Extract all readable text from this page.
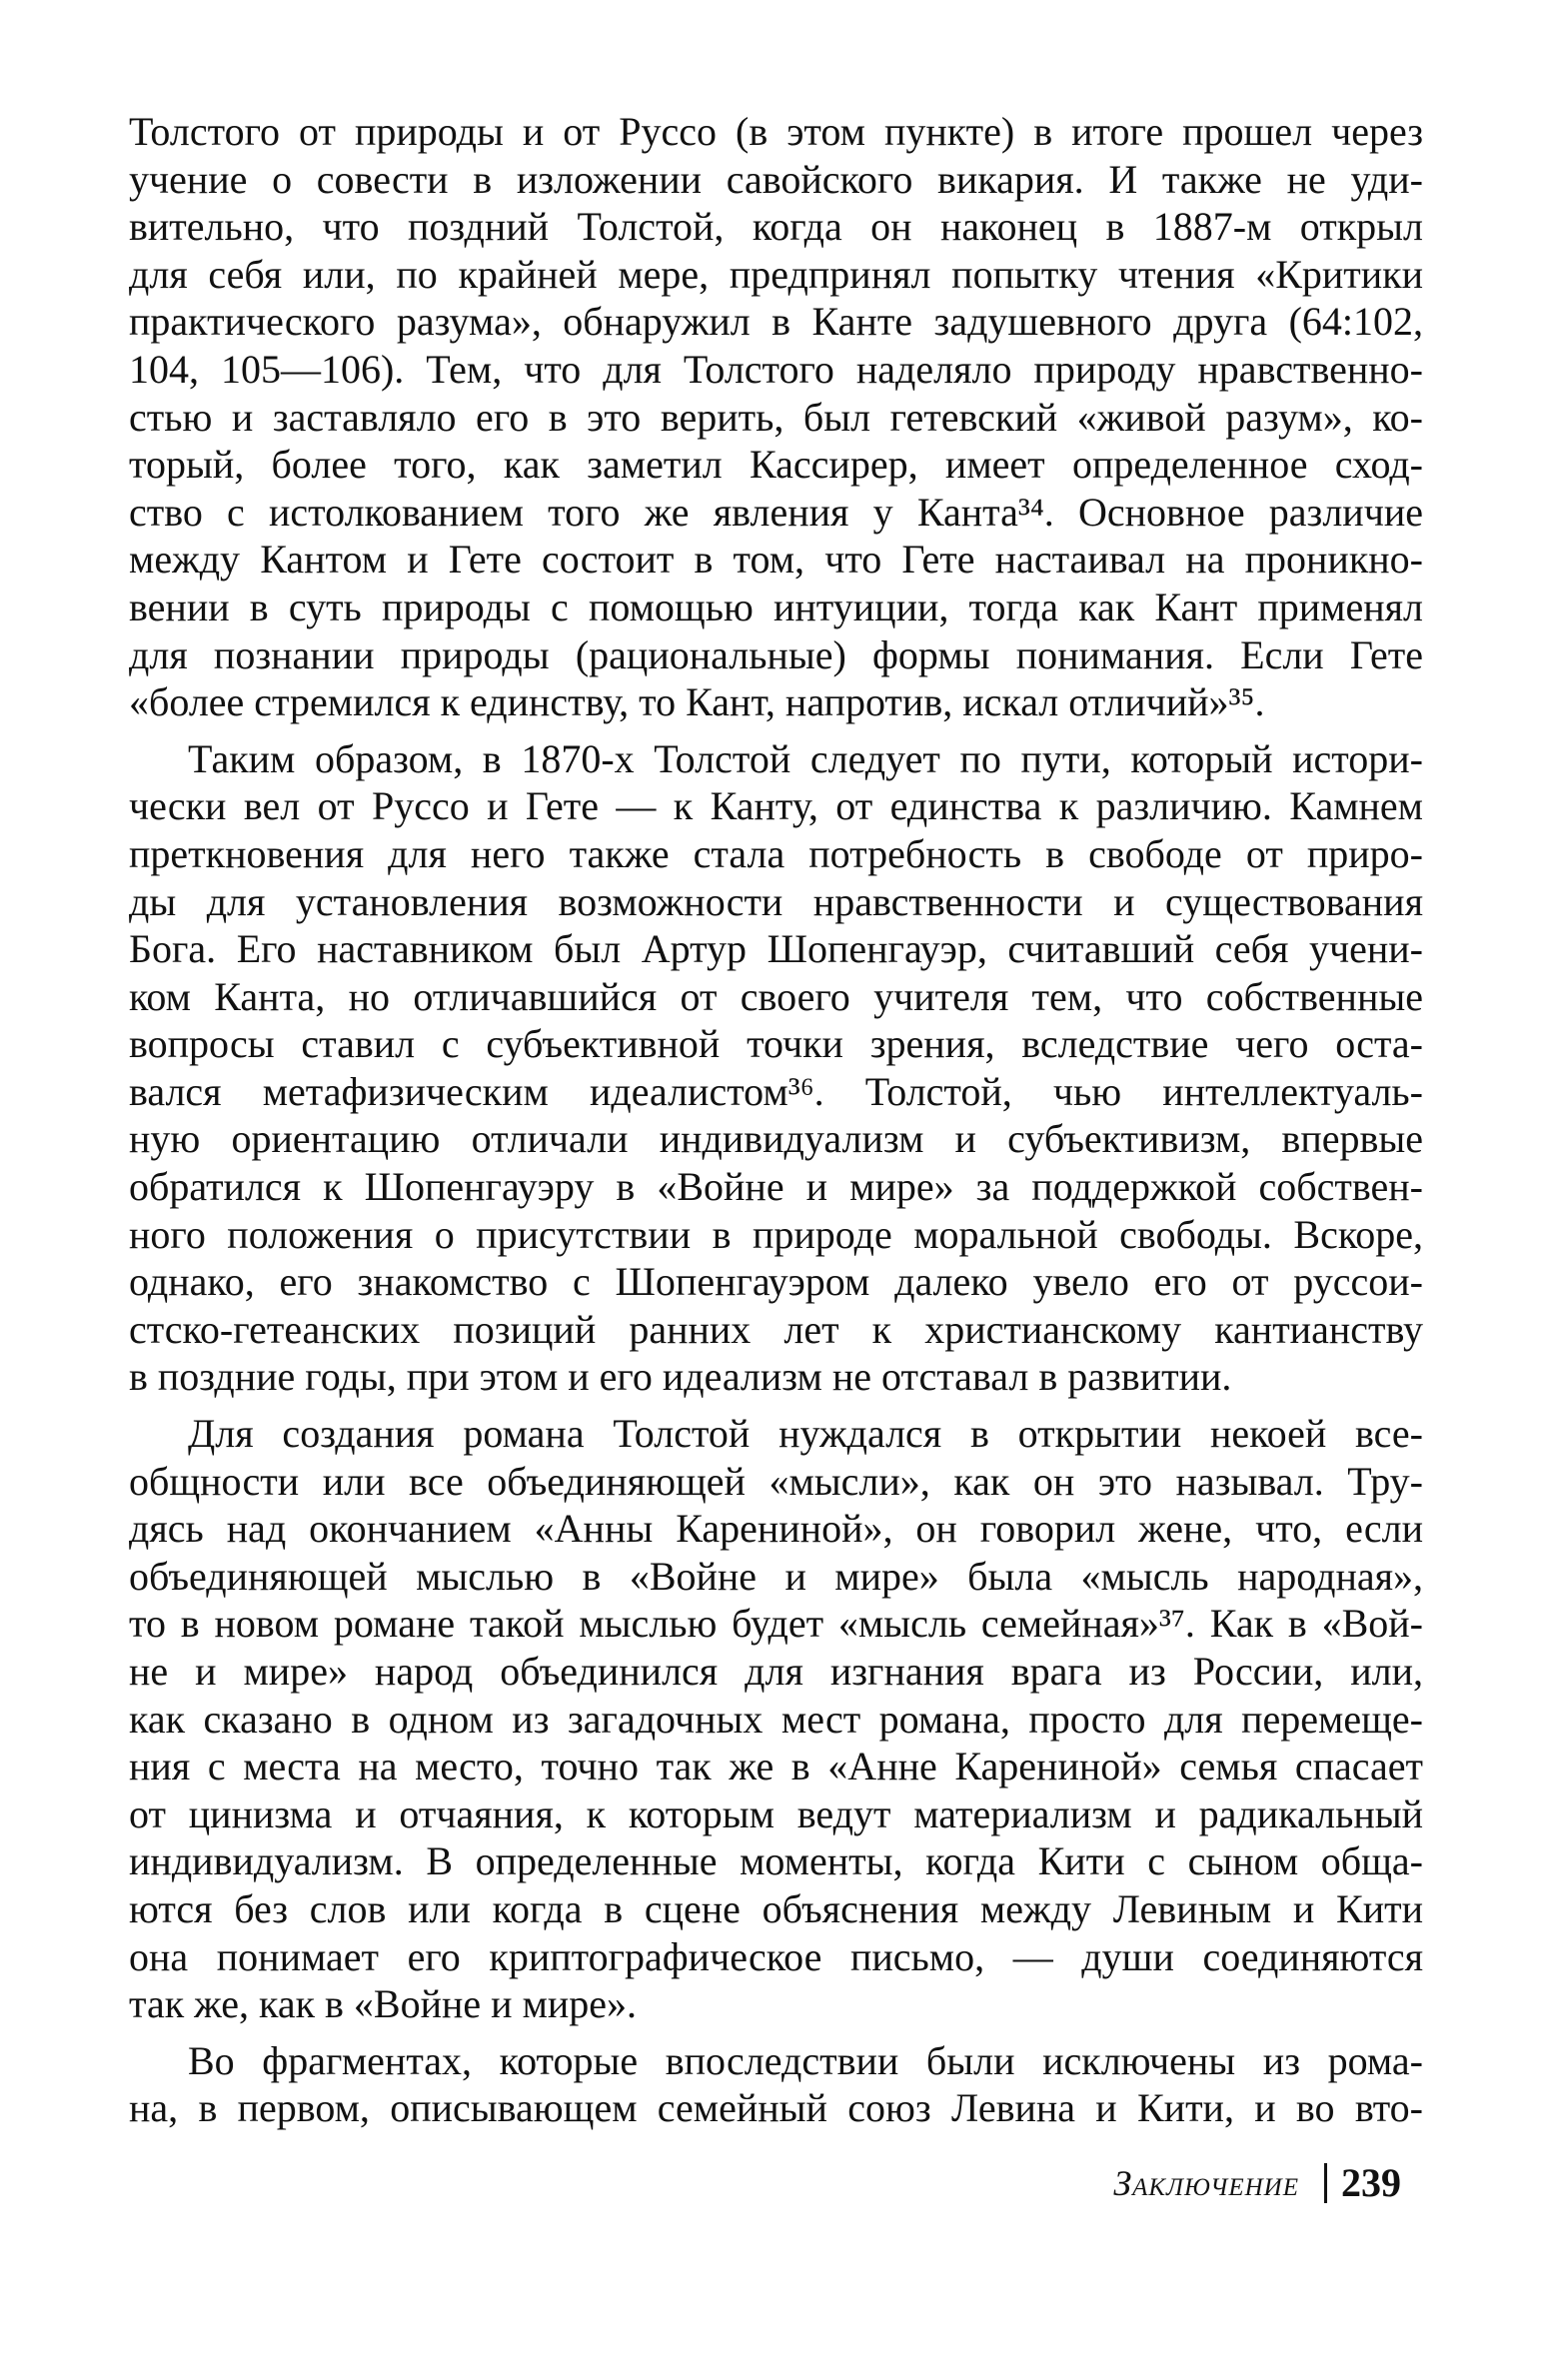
Толстого от природы и от Руссо (в этом пункте) в итоге прошел через
учение о совести в изложении савойского викария. И также не уди-
вительно, что поздний Толстой, когда он наконец в 1887-м открыл
для себя или, по крайней мере, предпринял попытку чтения «Критики
практического разума», обнаружил в Канте задушевного друга (64:102,
104, 105—106). Тем, что для Толстого наделяло природу нравственно-
стью и заставляло его в это верить, был гетевский «живой разум», ко-
торый, более того, как заметил Кассирер, имеет определенное сход-
ство с истолкованием того же явления у Канта³⁴. Основное различие
между Кантом и Гете состоит в том, что Гете настаивал на проникно-
вении в суть природы с помощью интуиции, тогда как Кант применял
для познании природы (рациональные) формы понимания. Если Гете
«более стремился к единству, то Кант, напротив, искал отличий»³⁵.
Таким образом, в 1870-х Толстой следует по пути, который истори-
чески вел от Руссо и Гете — к Канту, от единства к различию. Камнем
преткновения для него также стала потребность в свободе от приро-
ды для установления возможности нравственности и существования
Бога. Его наставником был Артур Шопенгауэр, считавший себя учени-
ком Канта, но отличавшийся от своего учителя тем, что собственные
вопросы ставил с субъективной точки зрения, вследствие чего оста-
вался метафизическим идеалистом³⁶. Толстой, чью интеллектуаль-
ную ориентацию отличали индивидуализм и субъективизм, впервые
обратился к Шопенгауэру в «Войне и мире» за поддержкой собствен-
ного положения о присутствии в природе моральной свободы. Вскоре,
однако, его знакомство с Шопенгауэром далеко увело его от руссои-
стско-гетеанских позиций ранних лет к христианскому кантианству
в поздние годы, при этом и его идеализм не отставал в развитии.
Для создания романа Толстой нуждался в открытии некоей все-
общности или все объединяющей «мысли», как он это называл. Тру-
дясь над окончанием «Анны Карениной», он говорил жене, что, если
объединяющей мыслью в «Войне и мире» была «мысль народная»,
то в новом романе такой мыслью будет «мысль семейная»³⁷. Как в «Вой-
не и мире» народ объединился для изгнания врага из России, или,
как сказано в одном из загадочных мест романа, просто для перемеще-
ния с места на место, точно так же в «Анне Карениной» семья спасает
от цинизма и отчаяния, к которым ведут материализм и радикальный
индивидуализм. В определенные моменты, когда Кити с сыном обща-
ются без слов или когда в сцене объяснения между Левиным и Кити
она понимает его криптографическое письмо, — души соединяются
так же, как в «Войне и мире».
Во фрагментах, которые впоследствии были исключены из рома-
на, в первом, описывающем семейный союз Левина и Кити, и во вто-
Заключение 239
